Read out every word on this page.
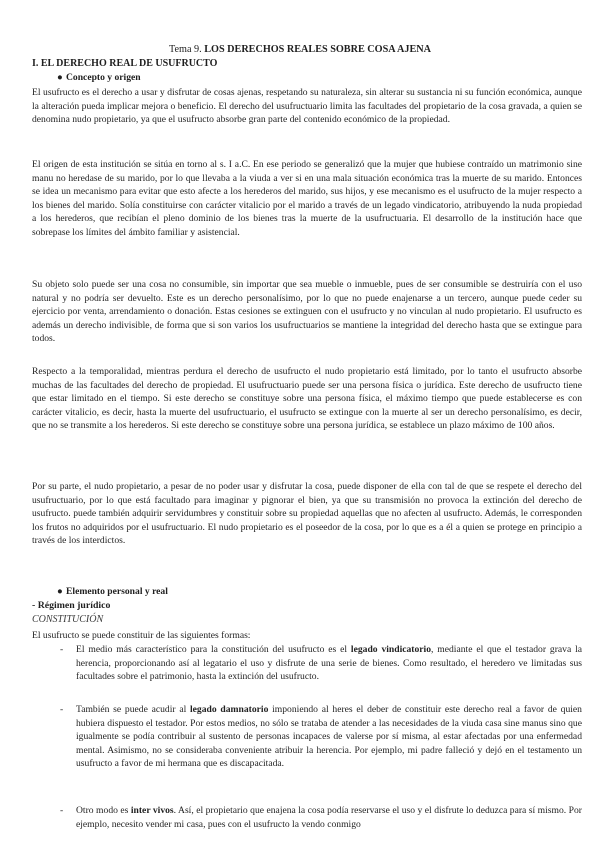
Tema 9. LOS DERECHOS REALES SOBRE COSA AJENA
I. EL DERECHO REAL DE USUFRUCTO
● Concepto y origen

El usufructo es el derecho a usar y disfrutar de cosas ajenas, respetando su naturaleza, sin alterar su sustancia ni su función económica, aunque la alteración pueda implicar mejora o beneficio. El derecho del usufructuario limita las facultades del propietario de la cosa gravada, a quien se denomina nudo propietario, ya que el usufructo absorbe gran parte del contenido económico de la propiedad.

El origen de esta institución se sitúa en torno al s. I a.C. En ese periodo se generalizó que la mujer que hubiese contraído un matrimonio sine manu no heredase de su marido, por lo que llevaba a la viuda a ver si en una mala situación económica tras la muerte de su marido. Entonces se idea un mecanismo para evitar que esto afecte a los herederos del marido, sus hijos, y ese mecanismo es el usufructo de la mujer respecto a los bienes del marido. Solía constituirse con carácter vitalicio por el marido a través de un legado vindicatorio, atribuyendo la nuda propiedad a los herederos, que recibían el pleno dominio de los bienes tras la muerte de la usufructuaria. El desarrollo de la institución hace que sobrepase los límites del ámbito familiar y asistencial.

Su objeto solo puede ser una cosa no consumible, sin importar que sea mueble o inmueble, pues de ser consumible se destruiría con el uso natural y no podría ser devuelto. Este es un derecho personalísimo, por lo que no puede enajenarse a un tercero, aunque puede ceder su ejercicio por venta, arrendamiento o donación. Estas cesiones se extinguen con el usufructo y no vinculan al nudo propietario. El usufructo es además un derecho indivisible, de forma que si son varios los usufructuarios se mantiene la integridad del derecho hasta que se extingue para todos.

Respecto a la temporalidad, mientras perdura el derecho de usufructo el nudo propietario está limitado, por lo tanto el usufructo absorbe muchas de las facultades del derecho de propiedad. El usufructuario puede ser una persona física o jurídica. Este derecho de usufructo tiene que estar limitado en el tiempo. Si este derecho se constituye sobre una persona física, el máximo tiempo que puede establecerse es con carácter vitalicio, es decir, hasta la muerte del usufructuario, el usufructo se extingue con la muerte al ser un derecho personalísimo, es decir, que no se transmite a los herederos. Si este derecho se constituye sobre una persona jurídica, se establece un plazo máximo de 100 años.

Por su parte, el nudo propietario, a pesar de no poder usar y disfrutar la cosa, puede disponer de ella con tal de que se respete el derecho del usufructuario, por lo que está facultado para imaginar y pignorar el bien, ya que su transmisión no provoca la extinción del derecho de usufructo. puede también adquirir servidumbres y constituir sobre su propiedad aquellas que no afecten al usufructo. Además, le corresponden los frutos no adquiridos por el usufructuario. El nudo propietario es el poseedor de la cosa, por lo que es a él a quien se protege en principio a través de los interdictos.

● Elemento personal y real
- Régimen jurídico
CONSTITUCIÓN
El usufructo se puede constituir de las siguientes formas:

- El medio más característico para la constitución del usufructo es el legado vindicatorio, mediante el que el testador grava la herencia, proporcionando así al legatario el uso y disfrute de una serie de bienes. Como resultado, el heredero ve limitadas sus facultades sobre el patrimonio, hasta la extinción del usufructo.

- También se puede acudir al legado damnatorio imponiendo al heres el deber de constituir este derecho real a favor de quien hubiera dispuesto el testador. Por estos medios, no sólo se trataba de atender a las necesidades de la viuda casa sine manus sino que igualmente se podía contribuir al sustento de personas incapaces de valerse por sí misma, al estar afectadas por una enfermedad mental. Asimismo, no se consideraba conveniente atribuir la herencia. Por ejemplo, mi padre falleció y dejó en el testamento un usufructo a favor de mi hermana que es discapacitada.

- Otro modo es inter vivos. Así, el propietario que enajena la cosa podía reservarse el uso y el disfrute lo deduzca para sí mismo. Por ejemplo, necesito vender mi casa, pues con el usufructo la vendo conmigo
